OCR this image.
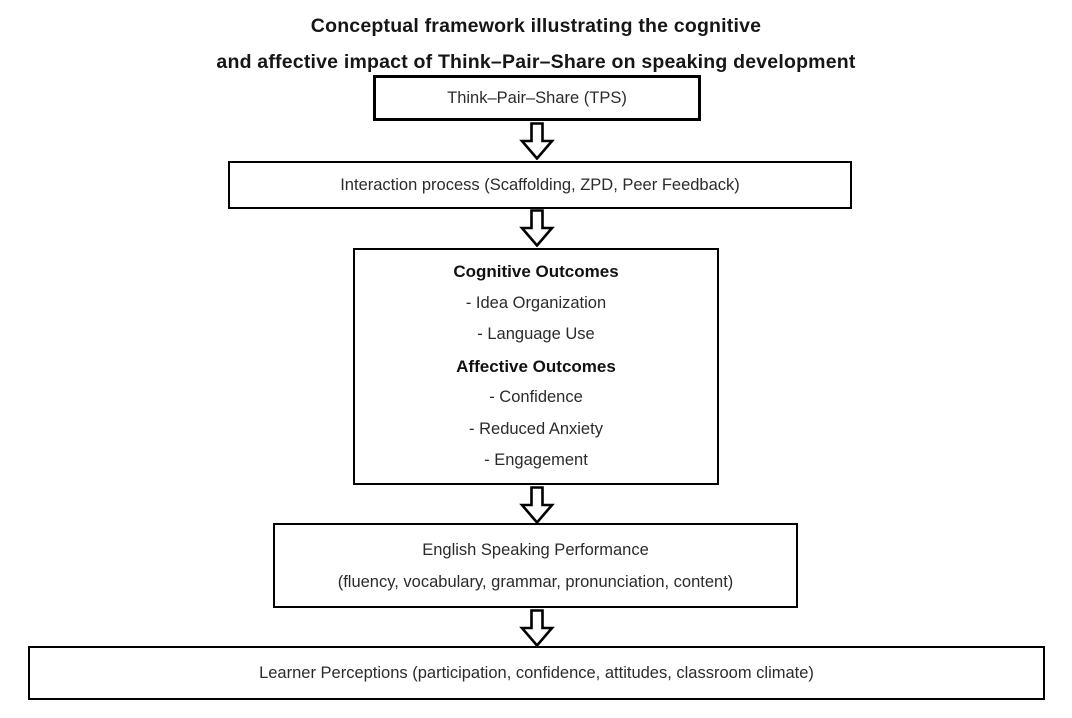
Conceptual framework illustrating the cognitive
and affective impact of Think–Pair–Share on speaking development
Think–Pair–Share (TPS)
Interaction process (Scaffolding, ZPD, Peer Feedback)
Cognitive Outcomes
- Idea Organization
- Language Use
Affective Outcomes
- Confidence
- Reduced Anxiety
- Engagement
English Speaking Performance
(fluency, vocabulary, grammar, pronunciation, content)
Learner Perceptions (participation, confidence, attitudes, classroom climate)
